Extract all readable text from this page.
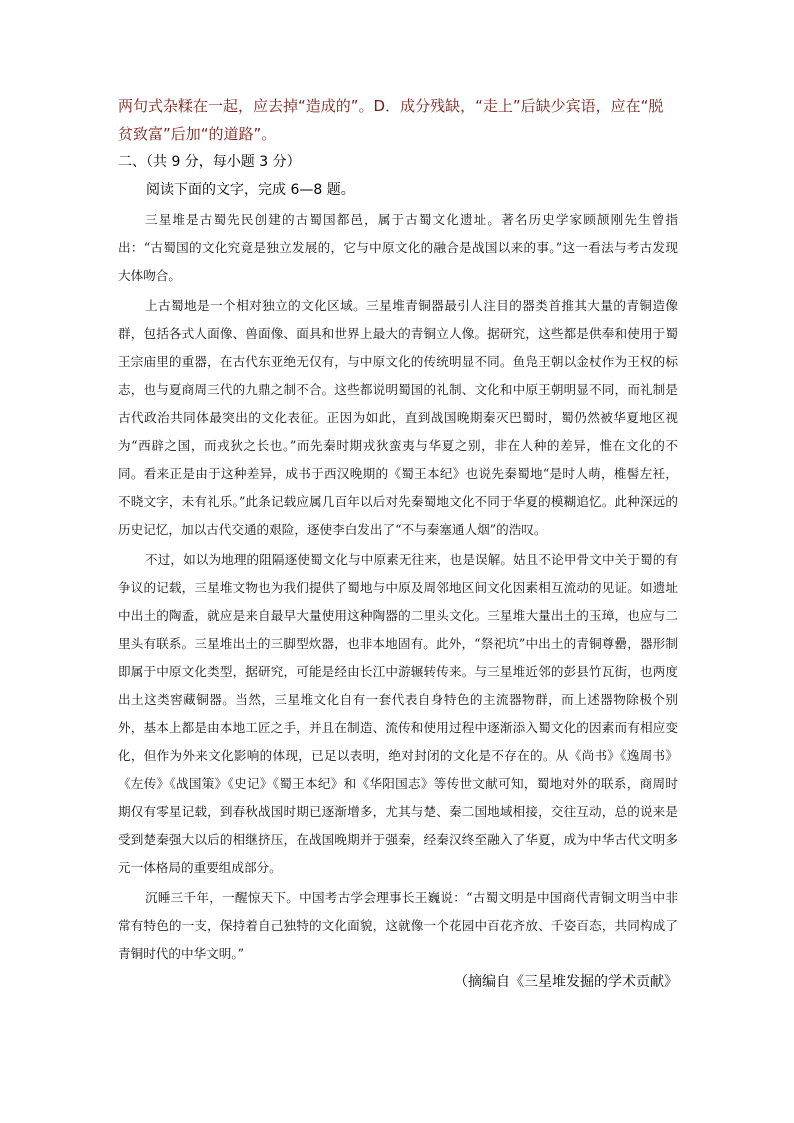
两句式杂糅在一起，应去掉“造成的”。D．成分残缺，“走上”后缺少宾语，应在“脱贫致富”后加“的道路”。

二、（共 9 分，每小题 3 分）

阅读下面的文字，完成 6—8 题。

三星堆是古蜀先民创建的古蜀国都邑，属于古蜀文化遗址。著名历史学家顾颉刚先生曾指出：“古蜀国的文化究竟是独立发展的，它与中原文化的融合是战国以来的事。”这一看法与考古发现大体吻合。

上古蜀地是一个相对独立的文化区域。三星堆青铜器最引人注目的器类首推其大量的青铜造像群，包括各式人面像、兽面像、面具和世界上最大的青铜立人像。据研究，这些都是供奉和使用于蜀王宗庙里的重器，在古代东亚绝无仅有，与中原文化的传统明显不同。鱼凫王朝以金杖作为王权的标志，也与夏商周三代的九鼎之制不合。这些都说明蜀国的礼制、文化和中原王朝明显不同，而礼制是古代政治共同体最突出的文化表征。正因为如此，直到战国晚期秦灭巴蜀时，蜀仍然被华夏地区视为“西辟之国，而戎狄之长也。”而先秦时期戎狄蛮夷与华夏之别，非在人种的差异，惟在文化的不同。看来正是由于这种差异，成书于西汉晚期的《蜀王本纪》也说先秦蜀地“是时人萌，椎髻左衽，不晓文字，未有礼乐。”此条记载应属几百年以后对先秦蜀地文化不同于华夏的模糊追忆。此种深远的历史记忆，加以古代交通的艰险，逐使李白发出了“不与秦塞通人烟”的浩叹。

不过，如以为地理的阻隔逐使蜀文化与中原素无往来，也是误解。姑且不论甲骨文中关于蜀的有争议的记载，三星堆文物也为我们提供了蜀地与中原及周邻地区间文化因素相互流动的见证。如遗址中出土的陶盉，就应是来自最早大量使用这种陶器的二里头文化。三星堆大量出土的玉璋，也应与二里头有联系。三星堆出土的三脚型炊器，也非本地固有。此外，“祭祀坑”中出土的青铜尊罍，器形制即属于中原文化类型，据研究，可能是经由长江中游辗转传来。与三星堆近邻的彭县竹瓦街，也两度出土这类窖藏铜器。当然，三星堆文化自有一套代表自身特色的主流器物群，而上述器物除极个别外，基本上都是由本地工匠之手，并且在制造、流传和使用过程中逐渐添入蜀文化的因素而有相应变化，但作为外来文化影响的体现，已足以表明，绝对封闭的文化是不存在的。从《尚书》《逸周书》《左传》《战国策》《史记》《蜀王本纪》和《华阳国志》等传世文献可知，蜀地对外的联系，商周时期仅有零星记载，到春秋战国时期已逐渐增多，尤其与楚、秦二国地域相接，交往互动，总的说来是受到楚秦强大以后的相继挤压，在战国晚期并于强秦，经秦汉终至融入了华夏，成为中华古代文明多元一体格局的重要组成部分。

沉睡三千年，一醒惊天下。中国考古学会理事长王巍说：“古蜀文明是中国商代青铜文明当中非常有特色的一支，保持着自己独特的文化面貌，这就像一个花园中百花齐放、千姿百态，共同构成了青铜时代的中华文明。”

（摘编自《三星堆发掘的学术贡献》
